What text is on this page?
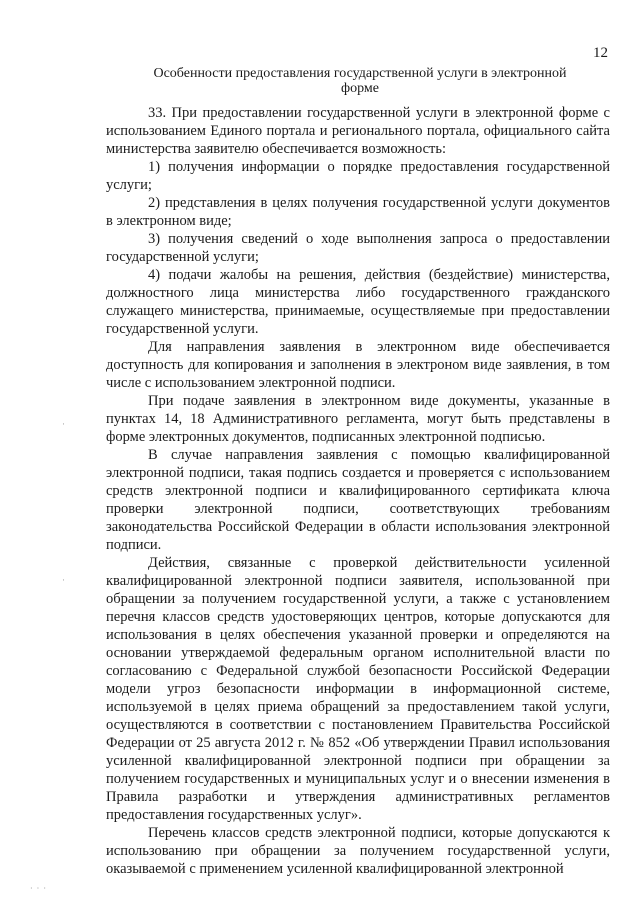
12
Особенности предоставления государственной услуги в электронной форме

33. При предоставлении государственной услуги в электронной форме с использованием Единого портала и регионального портала, официального сайта министерства заявителю обеспечивается возможность:

1) получения информации о порядке предоставления государственной услуги;

2) представления в целях получения государственной услуги документов в электронном виде;

3) получения сведений о ходе выполнения запроса о предоставлении государственной услуги;

4) подачи жалобы на решения, действия (бездействие) министерства, должностного лица министерства либо государственного гражданского служащего министерства, принимаемые, осуществляемые при предоставлении государственной услуги.

Для направления заявления в электронном виде обеспечивается доступность для копирования и заполнения в электроном виде заявления, в том числе с использованием электронной подписи.

При подаче заявления в электронном виде документы, указанные в пунктах 14, 18 Административного регламента, могут быть представлены в форме электронных документов, подписанных электронной подписью.

В случае направления заявления с помощью квалифицированной электронной подписи, такая подпись создается и проверяется с использованием средств электронной подписи и квалифицированного сертификата ключа проверки электронной подписи, соответствующих требованиям законодательства Российской Федерации в области использования электронной подписи.

Действия, связанные с проверкой действительности усиленной квалифицированной электронной подписи заявителя, использованной при обращении за получением государственной услуги, а также с установлением перечня классов средств удостоверяющих центров, которые допускаются для использования в целях обеспечения указанной проверки и определяются на основании утверждаемой федеральным органом исполнительной власти по согласованию с Федеральной службой безопасности Российской Федерации модели угроз безопасности информации в информационной системе, используемой в целях приема обращений за предоставлением такой услуги, осуществляются в соответствии с постановлением Правительства Российской Федерации от 25 августа 2012 г. № 852 «Об утверждении Правил использования усиленной квалифицированной электронной подписи при обращении за получением государственных и муниципальных услуг и о внесении изменения в Правила разработки и утверждения административных регламентов предоставления государственных услуг».

Перечень классов средств электронной подписи, которые допускаются к использованию при обращении за получением государственной услуги, оказываемой с применением усиленной квалифицированной электронной

·
·
· · ·
